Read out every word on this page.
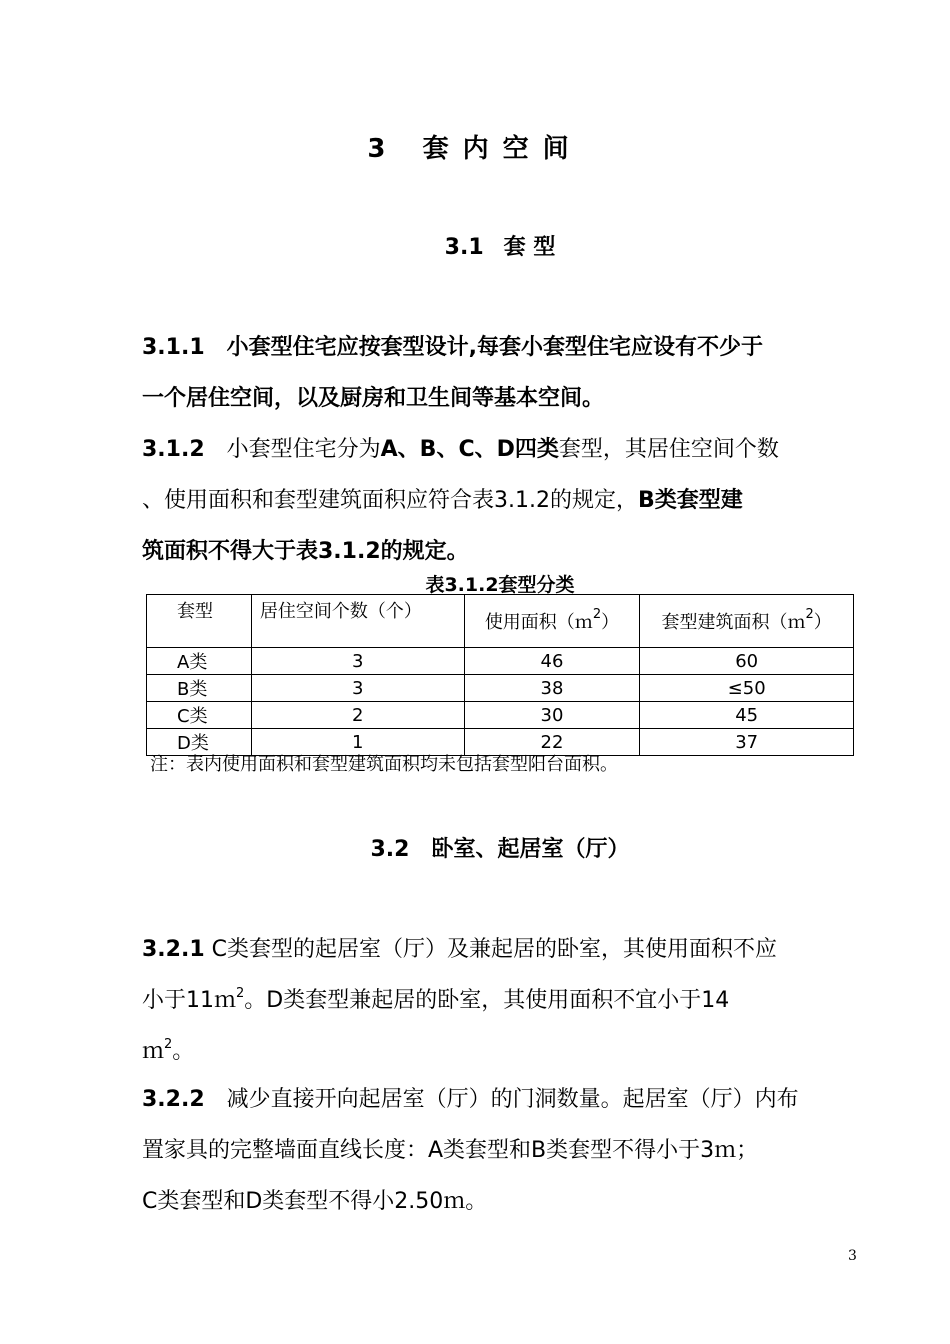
3 套内空间
3.1 套 型

3.1.1 小套型住宅应按套型设计,每套小套型住宅应设有不少于

一个居住空间，以及厨房和卫生间等基本空间。

3.1.2 小套型住宅分为A、B、C、D四类套型，其居住空间个数

、使用面积和套型建筑面积应符合表3.1.2的规定，B类套型建

筑面积不得大于表3.1.2的规定。

表3.1.2套型分类
套型	居住空间个数（个）	使用面积（ｍ$^2$）	套型建筑面积（ｍ$^2$）
A类	3	46	60
B类	3	38	≤50
C类	2	30	45
D类	1	22	37
注：表内使用面积和套型建筑面积均未包括套型阳台面积。
3.2 卧室、起居室（厅）

3.2.1 C类套型的起居室（厅）及兼起居的卧室，其使用面积不应

小于11ｍ$^2$。D类套型兼起居的卧室，其使用面积不宜小于14

ｍ$^2$。

3.2.2 减少直接开向起居室（厅）的门洞数量。起居室（厅）内布

置家具的完整墙面直线长度：A类套型和B类套型不得小于3ｍ；

C类套型和D类套型不得小2.50ｍ。

3
